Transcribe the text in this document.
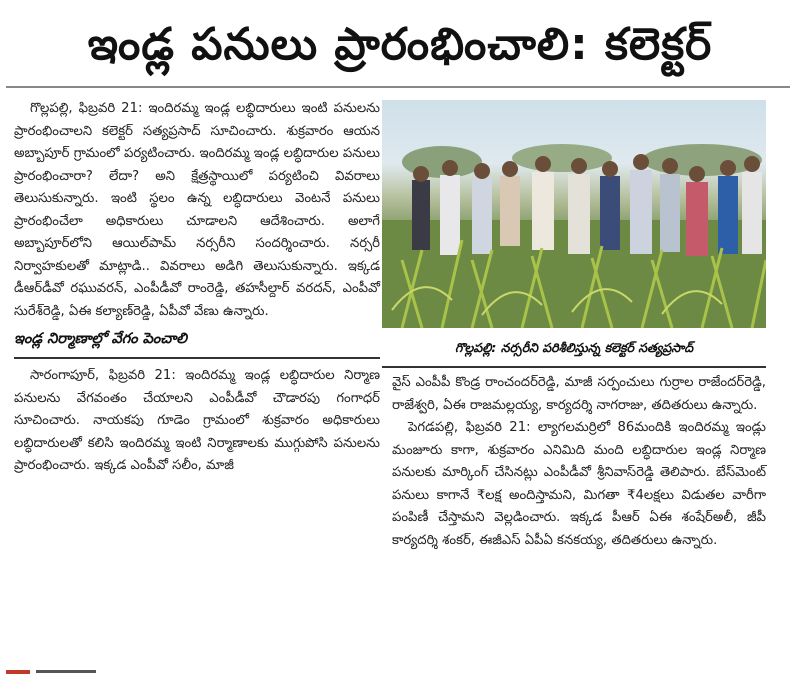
ఇండ్ల పనులు ప్రారంభించాలి: కలెక్టర్

గొల్లపల్లి, ఫిబ్రవరి 21: ఇందిరమ్మ ఇండ్ల లబ్ధిదారులు ఇంటి పనులను ప్రారంభించాలని కలెక్టర్ సత్యప్రసాద్ సూచించారు. శుక్రవారం ఆయన అబ్బాపూర్ గ్రామంలో పర్యటించారు. ఇందిరమ్మ ఇండ్ల లబ్ధిదారుల పనులు ప్రారంభించారా? లేదా? అని క్షేత్రస్థాయిలో పర్యటించి వివరాలు తెలుసుకున్నారు. ఇంటి స్థలం ఉన్న లబ్ధిదారులు వెంటనే పనులు ప్రారంభించేలా అధికారులు చూడాలని ఆదేశించారు. అలాగే అబ్బాపూర్‌లోని ఆయిల్‌పామ్ నర్సరీని సందర్శించారు. నర్సరీ నిర్వాహకులతో మాట్లాడి.. వివరాలు అడిగి తెలుసుకున్నారు. ఇక్కడ డీఆర్‌డీవో రఘువరన్, ఎంపీడీవో రాంరెడ్డి, తహసీల్దార్ వరదన్, ఎంపీవో సురేశ్‌రెడ్డి, ఏఈ కల్యాణ్‌రెడ్డి, ఏపీవో వేణు ఉన్నారు.

ఇండ్ల నిర్మాణాల్లో వేగం పెంచాలి

సారంగాపూర్, ఫిబ్రవరి 21: ఇందిరమ్మ ఇండ్ల లబ్ధిదారుల నిర్మాణ పనులను వేగవంతం చేయాలని ఎంపీడీవో చౌడారపు గంగాధర్ సూచించారు. నాయకపు గూడెం గ్రామంలో శుక్రవారం అధికారులు లబ్ధిదారులతో కలిసి ఇందిరమ్మ ఇంటి నిర్మాణాలకు ముగ్గుపోసి పనులను ప్రారంభించారు. ఇక్కడ ఎంపీవో సలీం, మాజీ

గొల్లపల్లి: నర్సరీని పరిశీలిస్తున్న కలెక్టర్ సత్యప్రసాద్

వైస్ ఎంపీపీ కొండ్ర రాంచందర్‌రెడ్డి, మాజీ సర్పంచులు గుర్రాల రాజేందర్‌రెడ్డి, రాజేశ్వరి, ఏఈ రాజమల్లయ్య, కార్యదర్శి నాగరాజు, తదితరులు ఉన్నారు.

పెగడపల్లి, ఫిబ్రవరి 21: ల్యాగలమర్రిలో 86మందికి ఇందిరమ్మ ఇండ్లు మంజూరు కాగా, శుక్రవారం ఎనిమిది మంది లబ్ధిదారుల ఇండ్ల నిర్మాణ పనులకు మార్కింగ్ చేసినట్లు ఎంపీడీవో శ్రీనివాస్‌రెడ్డి తెలిపారు. బేస్‌మెంట్ పనులు కాగానే ₹లక్ష అందిస్తామని, మిగతా ₹4లక్షలు విడుతల వారీగా పంపిణీ చేస్తామని వెల్లడించారు. ఇక్కడ పీఆర్ ఏఈ శంషేర్అలీ, జీపీ కార్యదర్శి శంకర్, ఈజీఎస్ ఏపీఏ కనకయ్య, తదితరులు ఉన్నారు.
